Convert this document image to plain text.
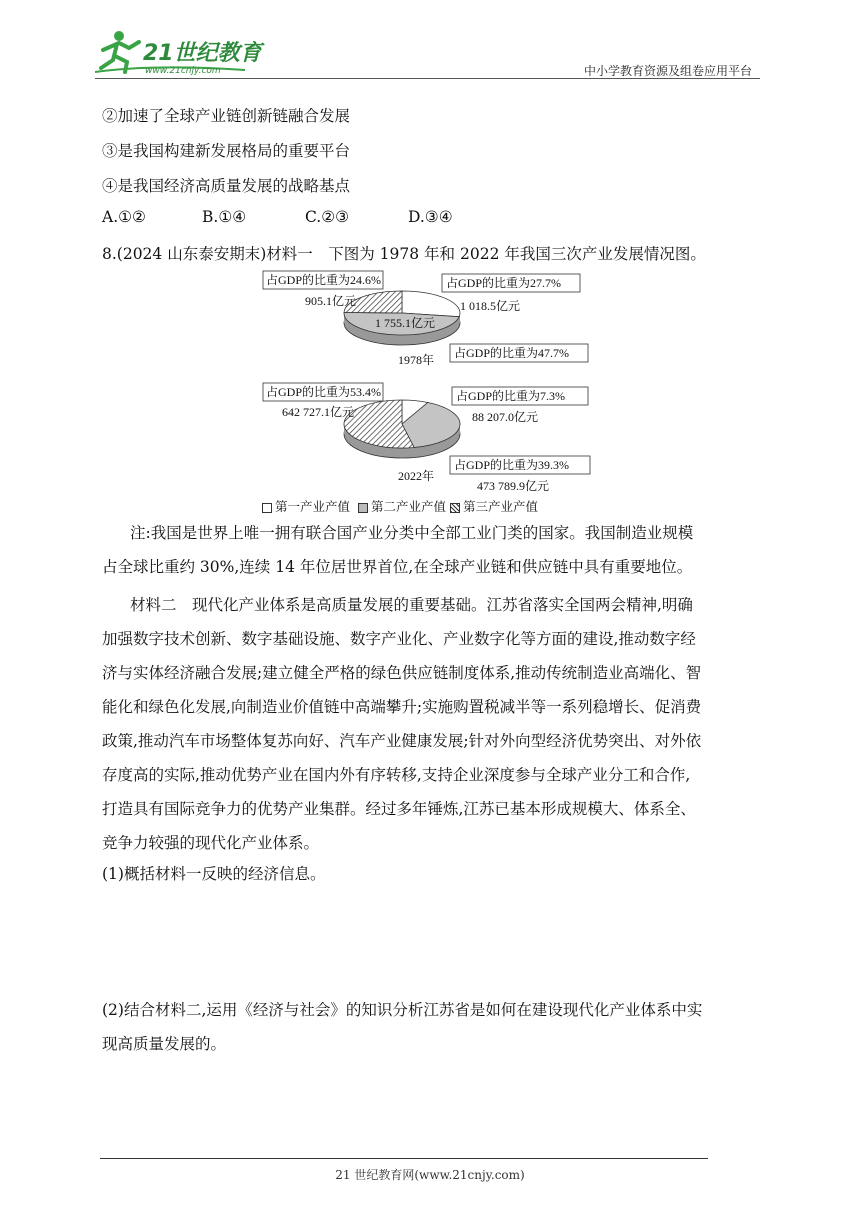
21世纪教育
www.21cnjy.com	中小学教育资源及组卷应用平台
②加速了全球产业链创新链融合发展
③是我国构建新发展格局的重要平台
④是我国经济高质量发展的战略基点
A.①②	B.①④	C.②③	D.③④
8.(2024 山东泰安期末)材料一　下图为 1978 年和 2022 年我国三次产业发展情况图。
占GDP的比重为24.6%
905.1亿元
占GDP的比重为27.7%
1 018.5亿元
1 755.1亿元
占GDP的比重为47.7%
1978年
占GDP的比重为53.4%
642 727.1亿元
占GDP的比重为7.3%
88 207.0亿元
占GDP的比重为39.3%
473 789.9亿元
2022年
第一产业产值 第二产业产值 第三产业产值
注:我国是世界上唯一拥有联合国产业分类中全部工业门类的国家。我国制造业规模
占全球比重约 30%,连续 14 年位居世界首位,在全球产业链和供应链中具有重要地位。
材料二　现代化产业体系是高质量发展的重要基础。江苏省落实全国两会精神,明确
加强数字技术创新、数字基础设施、数字产业化、产业数字化等方面的建设,推动数字经
济与实体经济融合发展;建立健全严格的绿色供应链制度体系,推动传统制造业高端化、智
能化和绿色化发展,向制造业价值链中高端攀升;实施购置税减半等一系列稳增长、促消费
政策,推动汽车市场整体复苏向好、汽车产业健康发展;针对外向型经济优势突出、对外依
存度高的实际,推动优势产业在国内外有序转移,支持企业深度参与全球产业分工和合作,
打造具有国际竞争力的优势产业集群。经过多年锤炼,江苏已基本形成规模大、体系全、
竞争力较强的现代化产业体系。
(1)概括材料一反映的经济信息。
(2)结合材料二,运用《经济与社会》的知识分析江苏省是如何在建设现代化产业体系中实
现高质量发展的。
21 世纪教育网(www.21cnjy.com)
